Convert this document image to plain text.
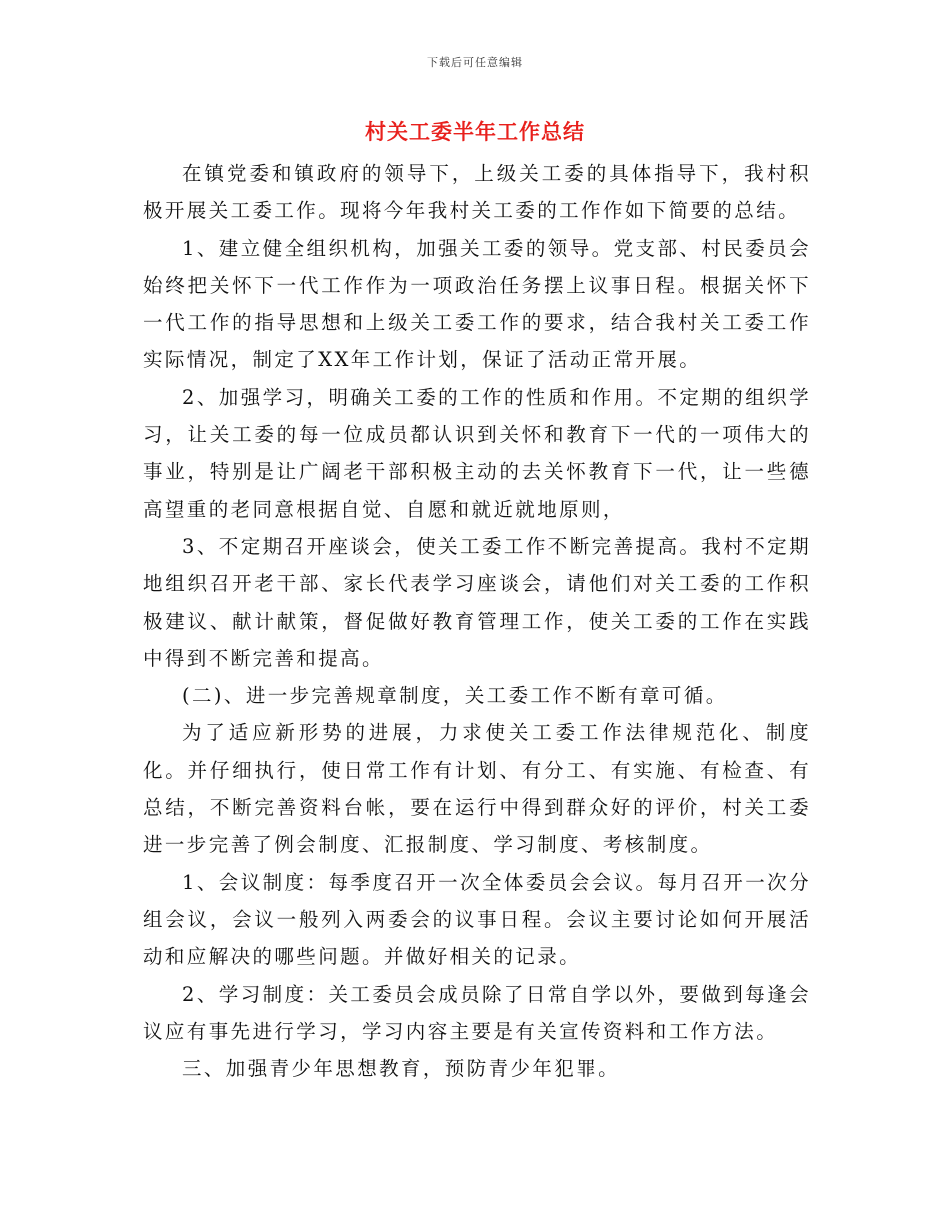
下载后可任意编辑
村关工委半年工作总结

在镇党委和镇政府的领导下，上级关工委的具体指导下，我村积极开展关工委工作。现将今年我村关工委的工作作如下简要的总结。

1、建立健全组织机构，加强关工委的领导。党支部、村民委员会始终把关怀下一代工作作为一项政治任务摆上议事日程。根据关怀下一代工作的指导思想和上级关工委工作的要求，结合我村关工委工作实际情况，制定了XX年工作计划，保证了活动正常开展。

2、加强学习，明确关工委的工作的性质和作用。不定期的组织学习，让关工委的每一位成员都认识到关怀和教育下一代的一项伟大的事业，特别是让广阔老干部积极主动的去关怀教育下一代，让一些德高望重的老同意根据自觉、自愿和就近就地原则，

3、不定期召开座谈会，使关工委工作不断完善提高。我村不定期地组织召开老干部、家长代表学习座谈会，请他们对关工委的工作积极建议、献计献策，督促做好教育管理工作，使关工委的工作在实践中得到不断完善和提高。

(二)、进一步完善规章制度，关工委工作不断有章可循。

为了适应新形势的进展，力求使关工委工作法律规范化、制度化。并仔细执行，使日常工作有计划、有分工、有实施、有检查、有总结，不断完善资料台帐，要在运行中得到群众好的评价，村关工委进一步完善了例会制度、汇报制度、学习制度、考核制度。

1、会议制度：每季度召开一次全体委员会会议。每月召开一次分组会议，会议一般列入两委会的议事日程。会议主要讨论如何开展活动和应解决的哪些问题。并做好相关的记录。

2、学习制度：关工委员会成员除了日常自学以外，要做到每逢会议应有事先进行学习，学习内容主要是有关宣传资料和工作方法。

三、加强青少年思想教育，预防青少年犯罪。
